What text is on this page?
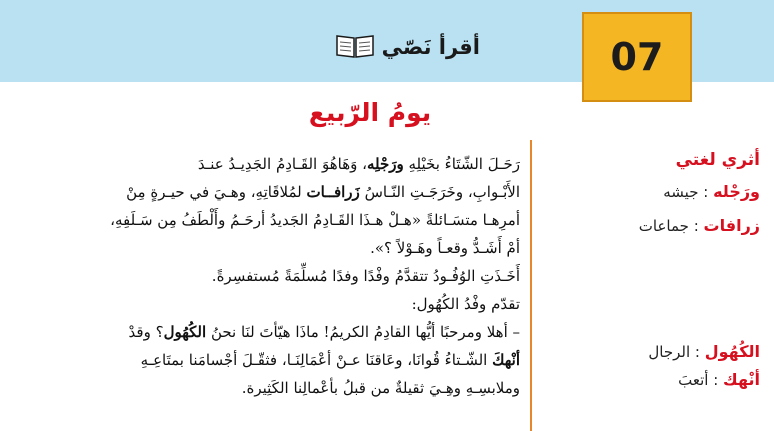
07
أقرأ نَصّي
يومُ الرّبيع
أثري لغتي
ورَجْله : جيشه
زرافات : جماعات
الكُهُول : الرجال
أنْهك : أتعبَ
رَحَـلَ الشّتَاءُ بخَيْلِهِ ورَجْلِه، وَهَاهُوَ القَـادِمُ الجَدِيـدُ عنـدَ
الأَبْـوابِ، وخَرَجَـتِ النّـاسُ زَرافــات لمُلاقَاتِهِ، وهـيَ في حيـرةٍ مِنْ
أمرِهـا متسَـائلةً «هـلْ هـذَا القَـادِمُ الجَديدُ أرحَـمُ وأَلْطَفُ مِن سَـلَفِهِ،
أمْ أَشَـدُّ وقعـاً وهَـوْلاً ؟».
أَخَـذَتِ الوُفُـودُ تتقدَّمُ وفْدًا وفدًا مُسلِّمَةً مُستفسِرةً.
تقدّم وفْدُ الكُهُول:
– أهلا ومرحبًا أيُّها القادِمُ الكريمُ! ماذَا هيّأتَ لنَا نحنُ الكُهُول؟ وقدْ
أنْهكَ الشّـتاءُ قُوانَا، وعَاقنَا عـنْ أعْمَالِنَـا، فثقّـلَ أجْسامَنا بمتَاعِـهِ
وملابسِـهِ وهِـيَ ثقيلةٌ من قبلُ بأعْمالِنا الكَثِيرة.
